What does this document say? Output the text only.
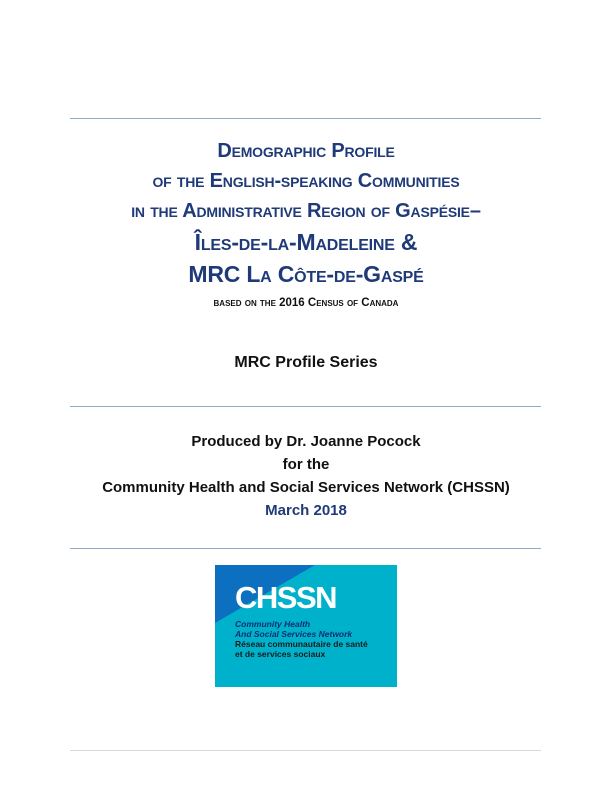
Demographic Profile
of the English-speaking Communities
in the Administrative Region of Gaspésie–
Îles-de-la-Madeleine &
MRC La Côte-de-Gaspé
based on the 2016 Census of Canada
MRC Profile Series
Produced by Dr. Joanne Pocock
for the
Community Health and Social Services Network (CHSSN)
March 2018
CHSSN
Community Health
And Social Services Network
Réseau communautaire de santé
et de services sociaux
